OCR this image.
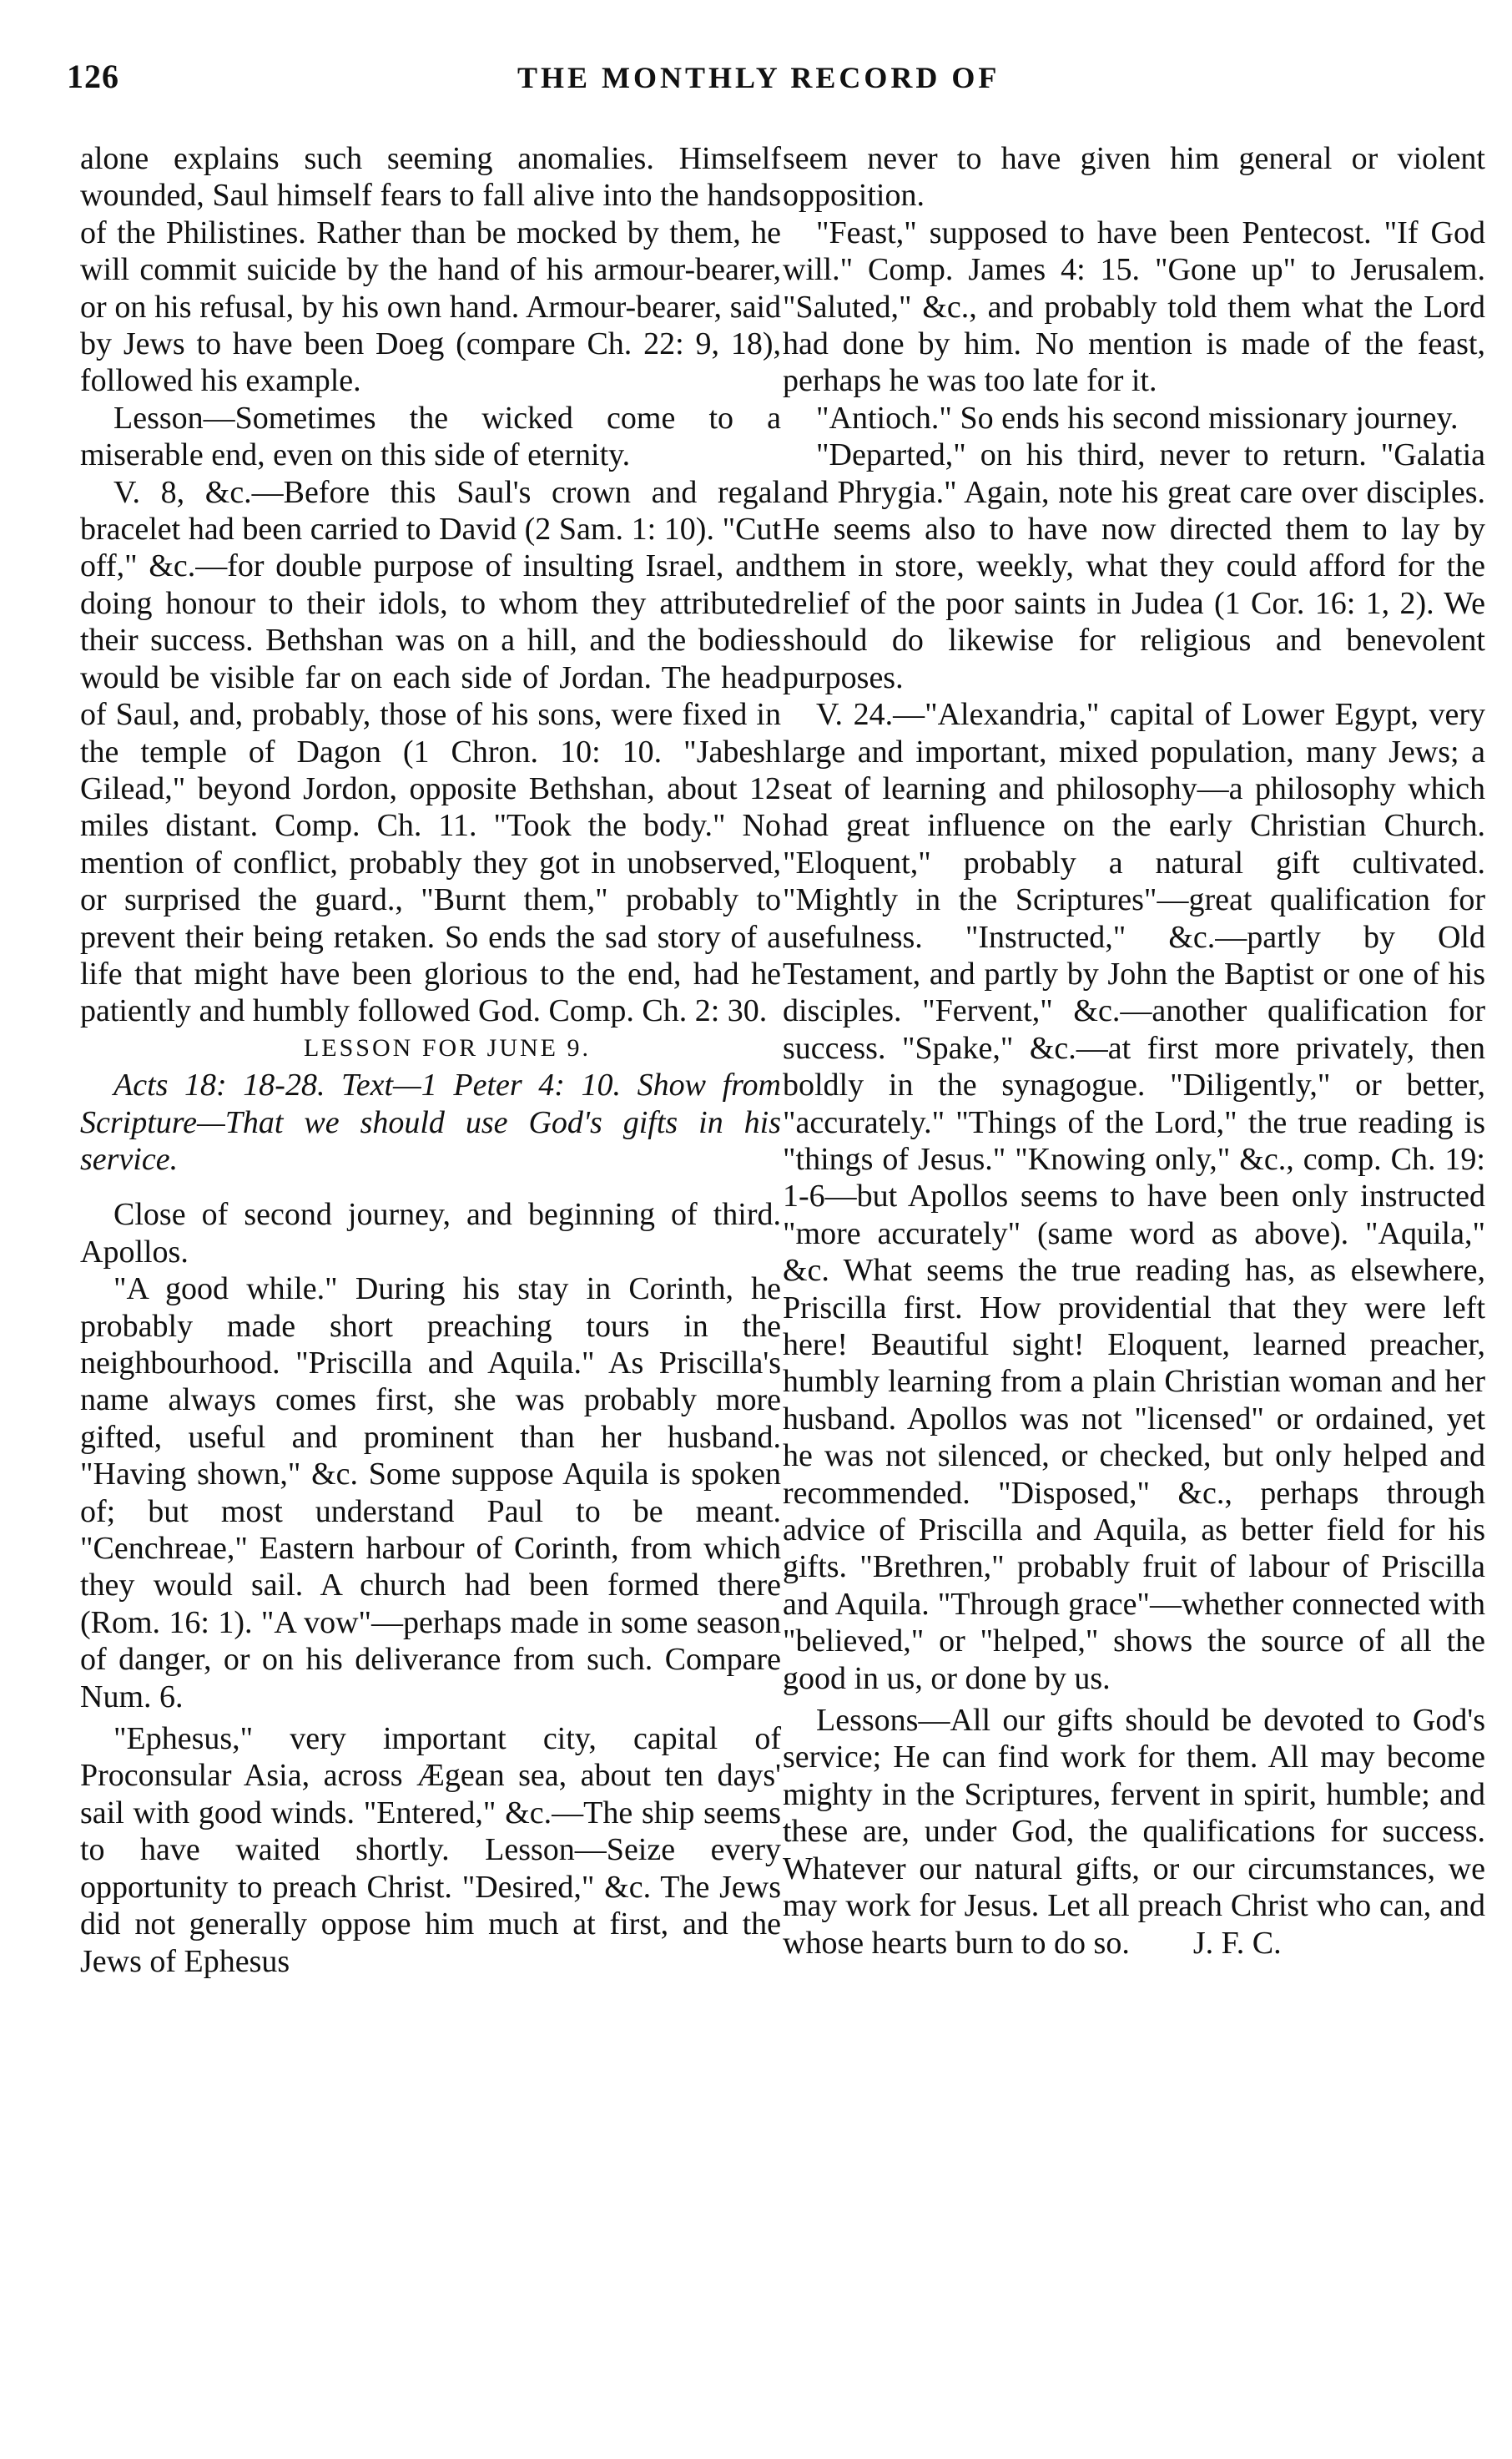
126	THE MONTHLY RECORD OF

alone explains such seeming anomalies. Himself wounded, Saul himself fears to fall alive into the hands of the Philistines. Rather than be mocked by them, he will commit suicide by the hand of his armour-bearer, or on his refusal, by his own hand. Armour-bearer, said by Jews to have been Doeg (compare Ch. 22: 9, 18), followed his example.

Lesson—Sometimes the wicked come to a miserable end, even on this side of eternity.

V. 8, &c.—Before this Saul's crown and regal bracelet had been carried to David (2 Sam. 1: 10). "Cut off," &c.—for double purpose of insulting Israel, and doing honour to their idols, to whom they attributed their success. Bethshan was on a hill, and the bodies would be visible far on each side of Jordan. The head of Saul, and, probably, those of his sons, were fixed in the temple of Dagon (1 Chron. 10: 10. "Jabesh Gilead," beyond Jordon, opposite Bethshan, about 12 miles distant. Comp. Ch. 11. "Took the body." No mention of conflict, probably they got in unobserved, or surprised the guard., "Burnt them," probably to prevent their being retaken. So ends the sad story of a life that might have been glorious to the end, had he patiently and humbly followed God. Comp. Ch. 2: 30.

LESSON FOR JUNE 9.

Acts 18: 18-28. Text—1 Peter 4: 10. Show from Scripture—That we should use God's gifts in his service.

Close of second journey, and beginning of third. Apollos.

"A good while." During his stay in Corinth, he probably made short preaching tours in the neighbourhood. "Priscilla and Aquila." As Priscilla's name always comes first, she was probably more gifted, useful and prominent than her husband. "Having shown," &c. Some suppose Aquila is spoken of; but most understand Paul to be meant. "Cenchreae," Eastern harbour of Corinth, from which they would sail. A church had been formed there (Rom. 16: 1). "A vow"—perhaps made in some season of danger, or on his deliverance from such. Compare Num. 6.

"Ephesus," very important city, capital of Proconsular Asia, across Ægean sea, about ten days' sail with good winds. "Entered," &c.—The ship seems to have waited shortly. Lesson—Seize every opportunity to preach Christ. "Desired," &c. The Jews did not generally oppose him much at first, and the Jews of Ephesus

seem never to have given him general or violent opposition.

"Feast," supposed to have been Pentecost. "If God will." Comp. James 4: 15. "Gone up" to Jerusalem. "Saluted," &c., and probably told them what the Lord had done by him. No mention is made of the feast, perhaps he was too late for it.

"Antioch." So ends his second missionary journey.

"Departed," on his third, never to return. "Galatia and Phrygia." Again, note his great care over disciples. He seems also to have now directed them to lay by them in store, weekly, what they could afford for the relief of the poor saints in Judea (1 Cor. 16: 1, 2). We should do likewise for religious and benevolent purposes.

V. 24.—"Alexandria," capital of Lower Egypt, very large and important, mixed population, many Jews; a seat of learning and philosophy—a philosophy which had great influence on the early Christian Church. "Eloquent," probably a natural gift cultivated. "Mightly in the Scriptures"—great qualification for usefulness. "Instructed," &c.—partly by Old Testament, and partly by John the Baptist or one of his disciples. "Fervent," &c.—another qualification for success. "Spake," &c.—at first more privately, then boldly in the synagogue. "Diligently," or better, "accurately." "Things of the Lord," the true reading is "things of Jesus." "Knowing only," &c., comp. Ch. 19: 1-6—but Apollos seems to have been only instructed "more accurately" (same word as above). "Aquila," &c. What seems the true reading has, as elsewhere, Priscilla first. How providential that they were left here! Beautiful sight! Eloquent, learned preacher, humbly learning from a plain Christian woman and her husband. Apollos was not "licensed" or ordained, yet he was not silenced, or checked, but only helped and recommended. "Disposed," &c., perhaps through advice of Priscilla and Aquila, as better field for his gifts. "Brethren," probably fruit of labour of Priscilla and Aquila. "Through grace"—whether connected with "believed," or "helped," shows the source of all the good in us, or done by us.

Lessons—All our gifts should be devoted to God's service; He can find work for them. All may become mighty in the Scriptures, fervent in spirit, humble; and these are, under God, the qualifications for success. Whatever our natural gifts, or our circumstances, we may work for Jesus. Let all preach Christ who can, and whose hearts burn to do so. J. F. C.
